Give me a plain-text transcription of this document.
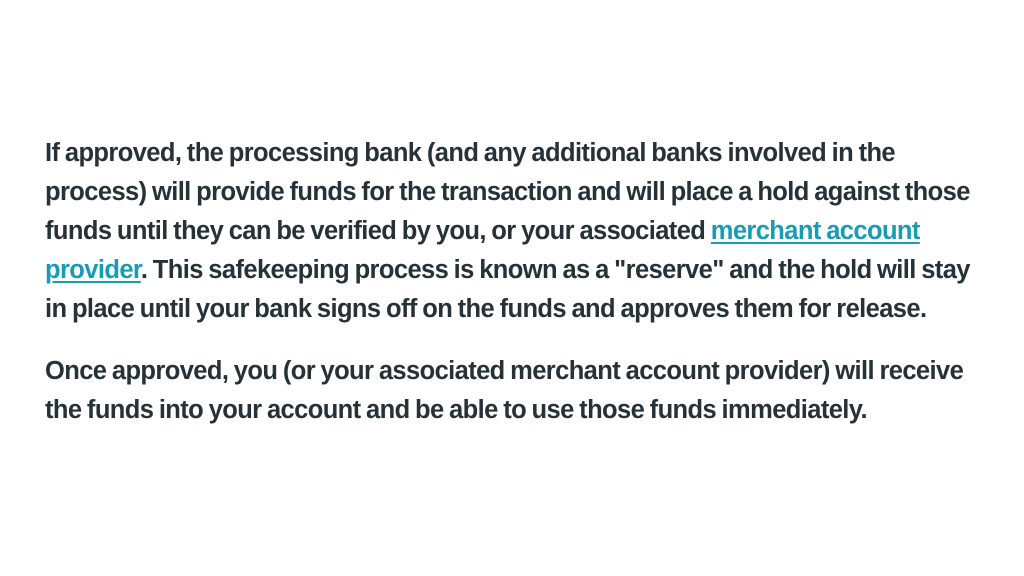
If approved, the processing bank (and any additional banks involved in the process) will provide funds for the transaction and will place a hold against those funds until they can be verified by you, or your associated merchant account provider. This safekeeping process is known as a "reserve" and the hold will stay in place until your bank signs off on the funds and approves them for release.

Once approved, you (or your associated merchant account provider) will receive the funds into your account and be able to use those funds immediately.
